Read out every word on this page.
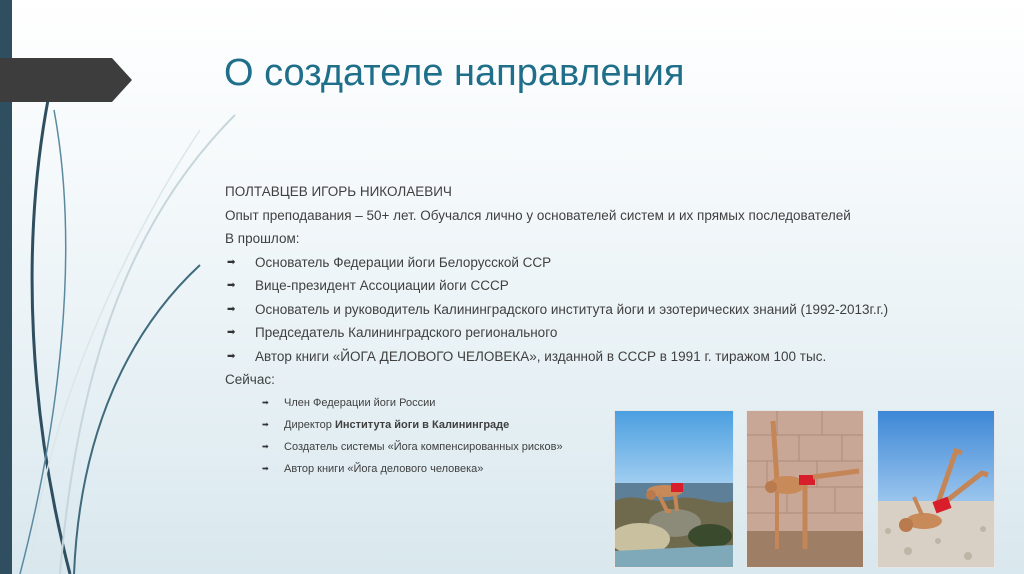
О создателе направления
ПОЛТАВЦЕВ ИГОРЬ НИКОЛАЕВИЧ
Опыт преподавания – 50+ лет. Обучался лично у основателей систем и их прямых последователей
В прошлом:
➡	Основатель Федерации йоги Белорусской ССР
➡	Вице-президент Ассоциации йоги СССР
➡	Основатель и руководитель Калининградского института йоги и эзотерических знаний (1992-2013г.г.)
➡	Председатель Калининградского регионального
➡	Автор книги «ЙОГА ДЕЛОВОГО ЧЕЛОВЕКА», изданной в СССР в 1991 г. тиражом 100 тыс.
Сейчас:
➡ Член Федерации йоги России
➡ Директор Института йоги в Калининграде
➡ Создатель системы «Йога компенсированных рисков»
➡ Автор книги «Йога делового человека»
